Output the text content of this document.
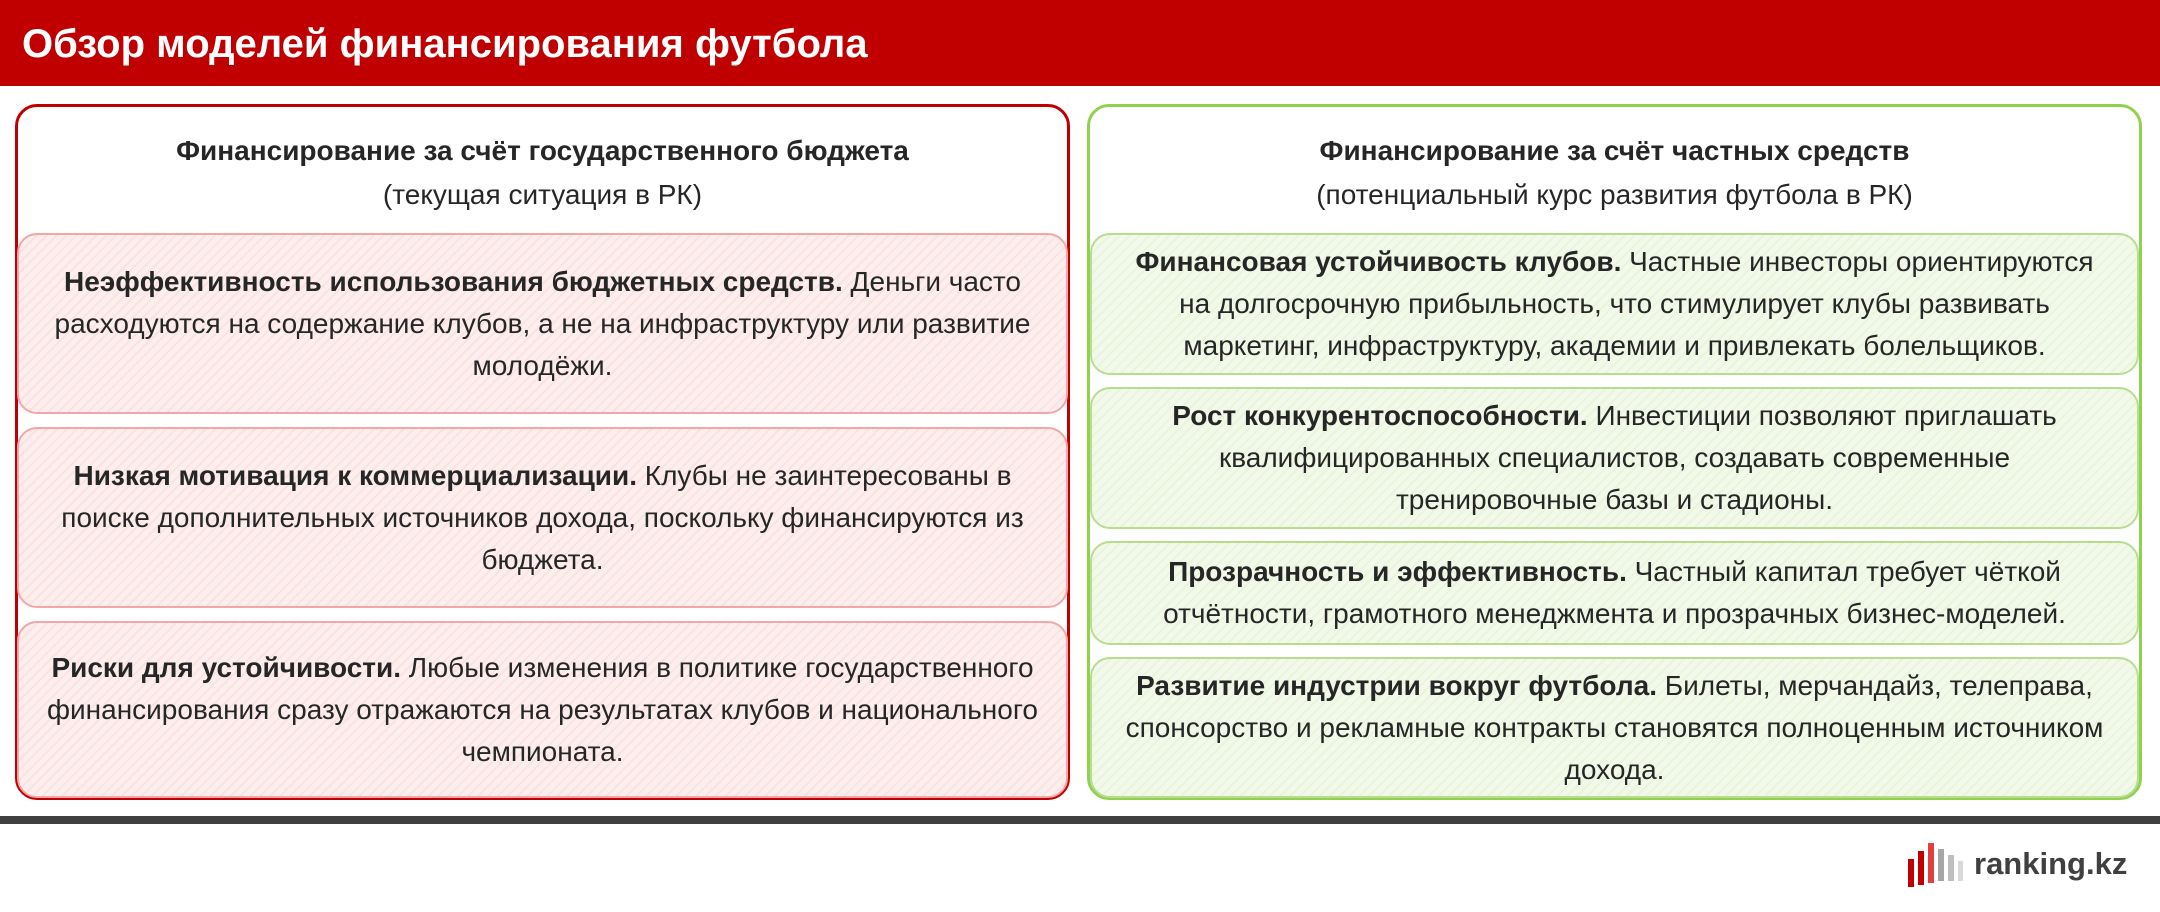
Обзор моделей финансирования футбола
Финансирование за счёт государственного бюджета
(текущая ситуация в РК)
Неэффективность использования бюджетных средств. Деньги часто расходуются на содержание клубов, а не на инфраструктуру или развитие молодёжи.
Низкая мотивация к коммерциализации. Клубы не заинтересованы в поиске дополнительных источников дохода, поскольку финансируются из бюджета.
Риски для устойчивости. Любые изменения в политике государственного финансирования сразу отражаются на результатах клубов и национального чемпионата.
Финансирование за счёт частных средств
(потенциальный курс развития футбола в РК)
Финансовая устойчивость клубов. Частные инвесторы ориентируются на долгосрочную прибыльность, что стимулирует клубы развивать маркетинг, инфраструктуру, академии и привлекать болельщиков.
Рост конкурентоспособности. Инвестиции позволяют приглашать квалифицированных специалистов, создавать современные тренировочные базы и стадионы.
Прозрачность и эффективность. Частный капитал требует чёткой отчётности, грамотного менеджмента и прозрачных бизнес-моделей.
Развитие индустрии вокруг футбола. Билеты, мерчандайз, телеправа, спонсорство и рекламные контракты становятся полноценным источником дохода.
ranking.kz
